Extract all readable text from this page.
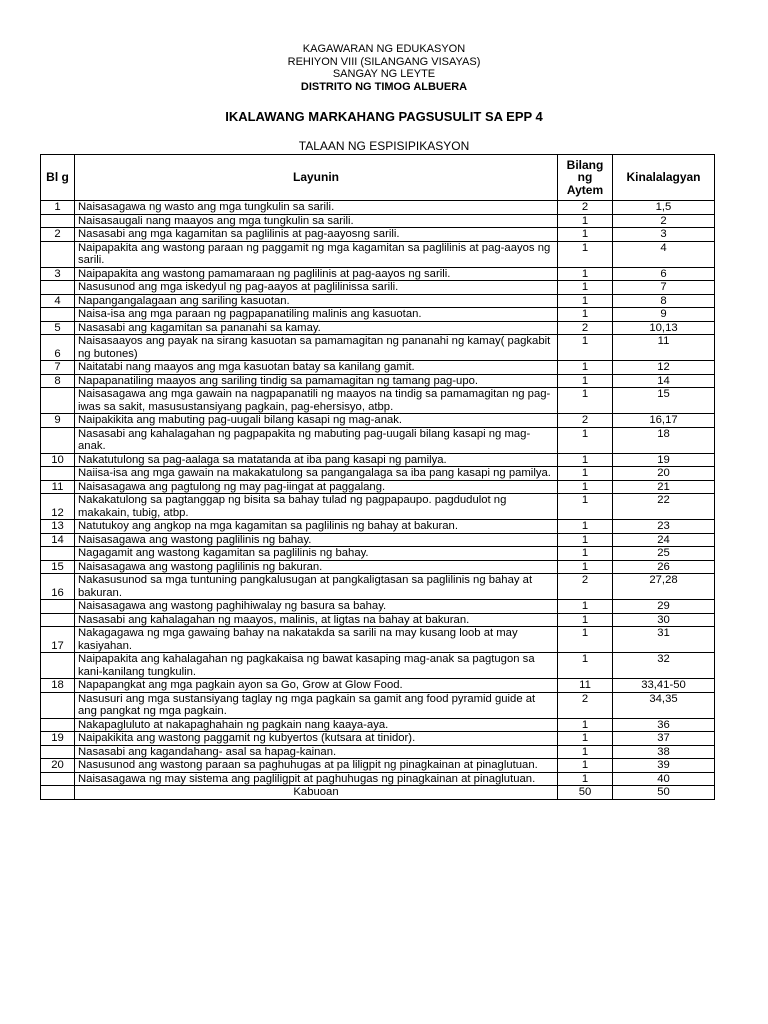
KAGAWARAN NG EDUKASYON
REHIYON VIII (SILANGANG VISAYAS)
SANGAY NG LEYTE
DISTRITO NG TIMOG ALBUERA
IKALAWANG MARKAHANG PAGSUSULIT SA EPP 4
TALAAN NG ESPISIPIKASYON
Bl g	Layunin	Bilang ng Aytem	Kinalalagyan
1	Naisasagawa ng wasto ang mga tungkulin sa sarili.	2	1,5
	Naisasaugali nang maayos ang mga tungkulin sa sarili.	1	2
2	Nasasabi ang mga kagamitan sa paglilinis at pag-aayosng sarili.	1	3
	Naipapakita ang wastong paraan ng paggamit ng mga kagamitan sa paglilinis at pag-aayos ng sarili.	1	4
3	Naipapakita ang wastong pamamaraan ng paglilinis at pag-aayos ng sarili.	1	6
	Nasusunod ang mga iskedyul ng pag-aayos at paglilinissa sarili.	1	7
4	Napangangalagaan ang sariling kasuotan.	1	8
	Naisa-isa ang mga paraan ng pagpapanatiling malinis ang kasuotan.	1	9
5	Nasasabi ang kagamitan sa pananahi sa kamay.	2	10,13
6	Naisasaayos ang payak na sirang kasuotan sa pamamagitan ng pananahi ng kamay( pagkabit ng butones)	1	11
7	Naitatabi nang maayos ang mga kasuotan batay sa kanilang gamit.	1	12
8	Napapanatiling maayos ang sariling tindig sa pamamagitan ng tamang pag-upo.	1	14
	Naisasagawa ang mga gawain na nagpapanatili ng maayos na tindig sa pamamagitan ng pag-iwas sa sakit, masusustansiyang pagkain, pag-ehersisyo, atbp.	1	15
9	Naipakikita ang mabuting pag-uugali bilang kasapi ng mag-anak.	2	16,17
	Nasasabi ang kahalagahan ng pagpapakita ng mabuting pag-uugali bilang kasapi ng mag-anak.	1	18
10	Nakatutulong sa pag-aalaga sa matatanda at iba pang kasapi ng pamilya.	1	19
	Naiisa-isa ang mga gawain na makakatulong sa pangangalaga sa iba pang kasapi ng pamilya.	1	20
11	Naisasagawa ang pagtulong ng may pag-iingat at paggalang.	1	21
12	Nakakatulong sa pagtanggap ng bisita sa bahay tulad ng pagpapaupo. pagdudulot ng makakain, tubig, atbp.	1	22
13	Natutukoy ang angkop na mga kagamitan sa paglilinis ng bahay at bakuran.	1	23
14	Naisasagawa ang wastong paglilinis ng bahay.	1	24
	Nagagamit ang wastong kagamitan sa paglilinis ng bahay.	1	25
15	Naisasagawa ang wastong paglilinis ng bakuran.	1	26
16	Nakasusunod sa mga tuntuning pangkalusugan at pangkaligtasan sa paglilinis ng bahay at bakuran.	2	27,28
	Naisasagawa ang wastong paghihiwalay ng basura sa bahay.	1	29
	Nasasabi ang kahalagahan ng maayos, malinis, at ligtas na bahay at bakuran.	1	30
17	Nakagagawa ng mga gawaing bahay na nakatakda sa sarili na may kusang loob at may kasiyahan.	1	31
	Naipapakita ang kahalagahan ng pagkakaisa ng bawat kasaping mag-anak sa pagtugon sa kani-kanilang tungkulin.	1	32
18	Napapangkat ang mga pagkain ayon sa Go, Grow at Glow Food.	11	33,41-50
	Nasusuri ang mga sustansiyang taglay ng mga pagkain sa gamit ang food pyramid guide at ang pangkat ng mga pagkain.	2	34,35
	Nakapagluluto at nakapaghahain ng pagkain nang kaaya-aya.	1	36
19	Naipakikita ang wastong paggamit ng kubyertos (kutsara at tinidor).	1	37
	Nasasabi ang kagandahang- asal sa hapag-kainan.	1	38
20	Nasusunod ang wastong paraan sa paghuhugas at pa liligpit ng pinagkainan at pinaglutuan.	1	39
	Naisasagawa ng may sistema ang pagliligpit at paghuhugas ng pinagkainan at pinaglutuan.	1	40
	Kabuoan	50	50
